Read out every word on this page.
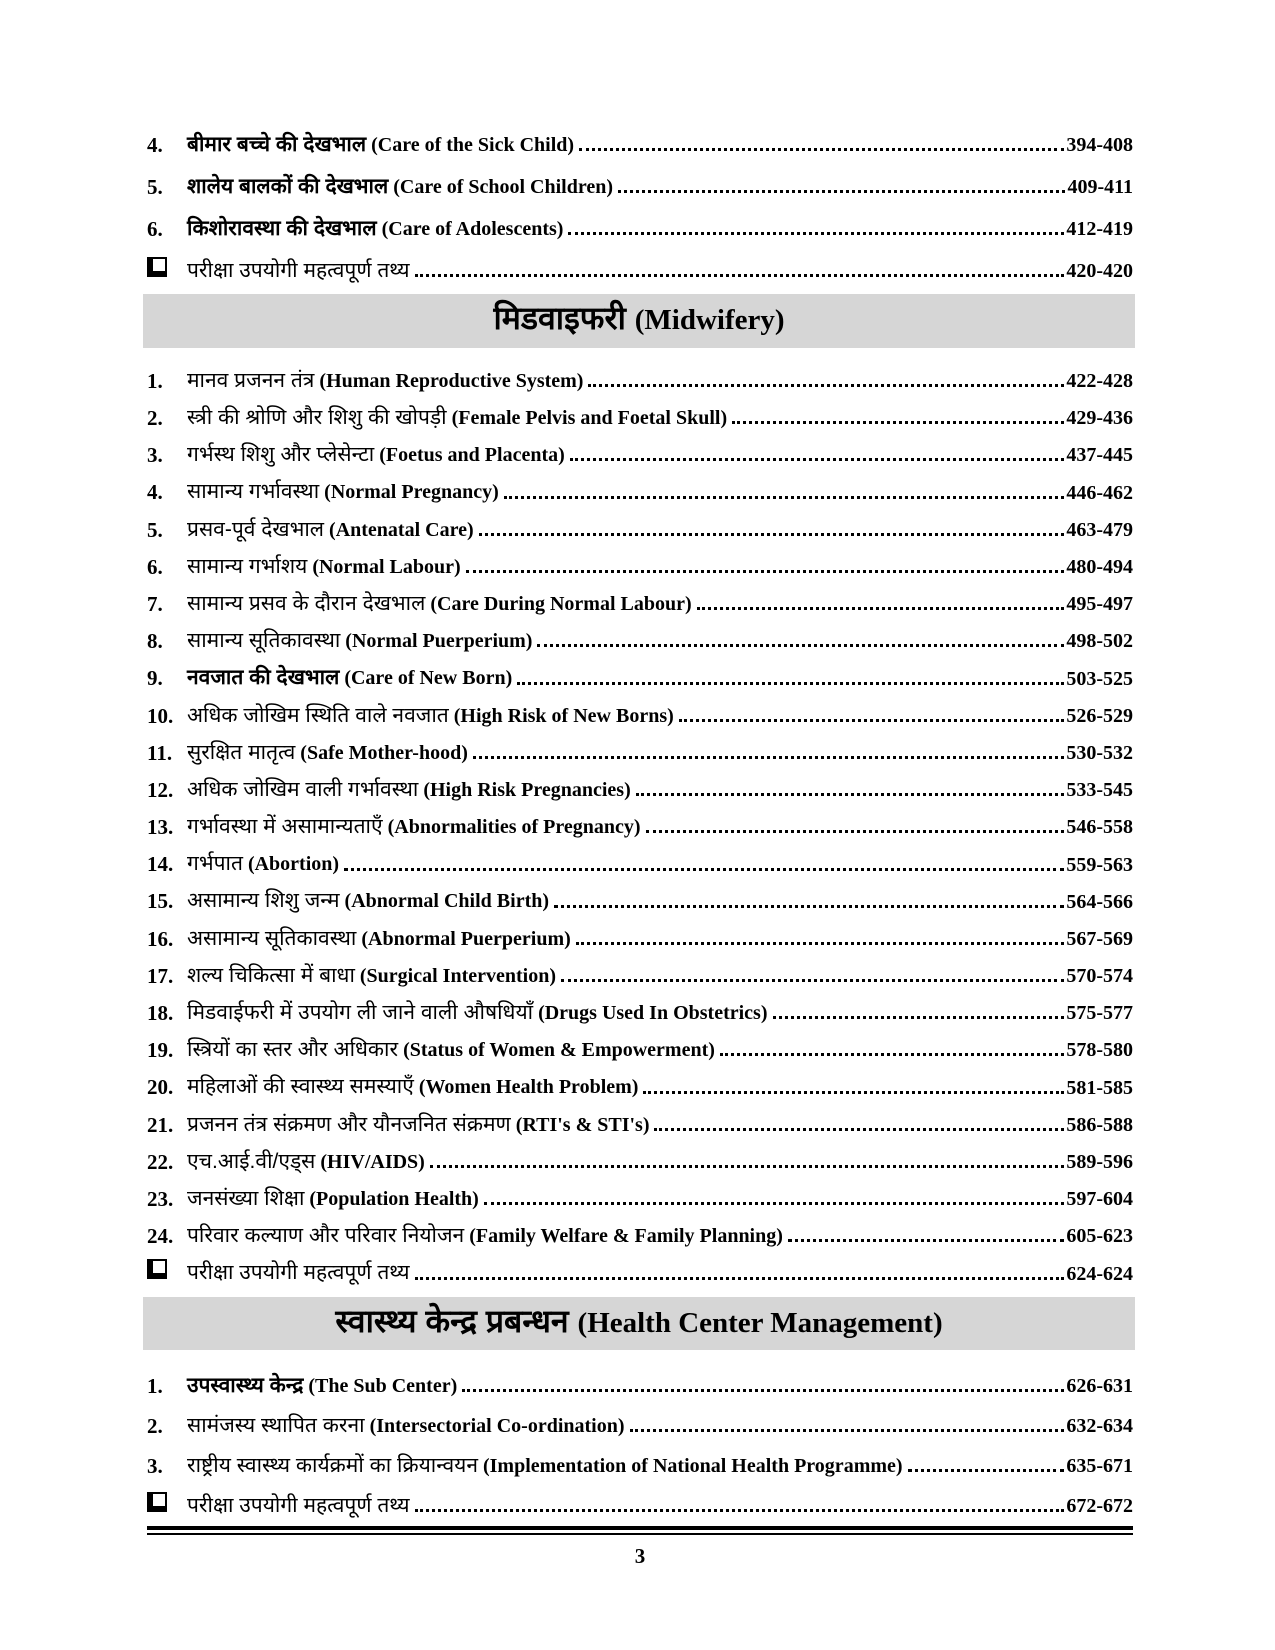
4.	बीमार बच्चे की देखभाल (Care of the Sick Child)	394-408
5.	शालेय बालकों की देखभाल (Care of School Children)	409-411
6.	किशोरावस्था की देखभाल (Care of Adolescents)	412-419
परीक्षा उपयोगी महत्वपूर्ण तथ्य	420-420
मिडवाइफरी (Midwifery)
1.	मानव प्रजनन तंत्र (Human Reproductive System)	422-428
2.	स्त्री की श्रोणि और शिशु की खोपड़ी (Female Pelvis and Foetal Skull)	429-436
3.	गर्भस्थ शिशु और प्लेसेन्टा (Foetus and Placenta)	437-445
4.	सामान्य गर्भावस्था (Normal Pregnancy)	446-462
5.	प्रसव-पूर्व देखभाल (Antenatal Care)	463-479
6.	सामान्य गर्भाशय (Normal Labour)	480-494
7.	सामान्य प्रसव के दौरान देखभाल (Care During Normal Labour)	495-497
8.	सामान्य सूतिकावस्था (Normal Puerperium)	498-502
9.	नवजात की देखभाल (Care of New Born)	503-525
10. अधिक जोखिम स्थिति वाले नवजात (High Risk of New Borns)	526-529
11. सुरक्षित मातृत्व (Safe Mother-hood)	530-532
12. अधिक जोखिम वाली गर्भावस्था (High Risk Pregnancies)	533-545
13. गर्भावस्था में असामान्यताएँ (Abnormalities of Pregnancy)	546-558
14. गर्भपात (Abortion)	559-563
15. असामान्य शिशु जन्म (Abnormal Child Birth)	564-566
16. असामान्य सूतिकावस्था (Abnormal Puerperium)	567-569
17. शल्य चिकित्सा में बाधा (Surgical Intervention)	570-574
18. मिडवाईफरी में उपयोग ली जाने वाली औषधियाँ (Drugs Used In Obstetrics)	575-577
19. स्त्रियों का स्तर और अधिकार (Status of Women & Empowerment)	578-580
20. महिलाओं की स्वास्थ्य समस्याएँ (Women Health Problem)	581-585
21. प्रजनन तंत्र संक्रमण और यौनजनित संक्रमण (RTI's & STI's)	586-588
22. एच.आई.वी/एड्स (HIV/AIDS)	589-596
23. जनसंख्या शिक्षा (Population Health)	597-604
24. परिवार कल्याण और परिवार नियोजन (Family Welfare & Family Planning)	605-623
परीक्षा उपयोगी महत्वपूर्ण तथ्य	624-624
स्वास्थ्य केन्द्र प्रबन्धन (Health Center Management)
1.	उपस्वास्थ्य केन्द्र (The Sub Center)	626-631
2.	सामंजस्य स्थापित करना (Intersectorial Co-ordination)	632-634
3.	राष्ट्रीय स्वास्थ्य कार्यक्रमों का क्रियान्वयन (Implementation of National Health Programme)	635-671
परीक्षा उपयोगी महत्वपूर्ण तथ्य	672-672
3
